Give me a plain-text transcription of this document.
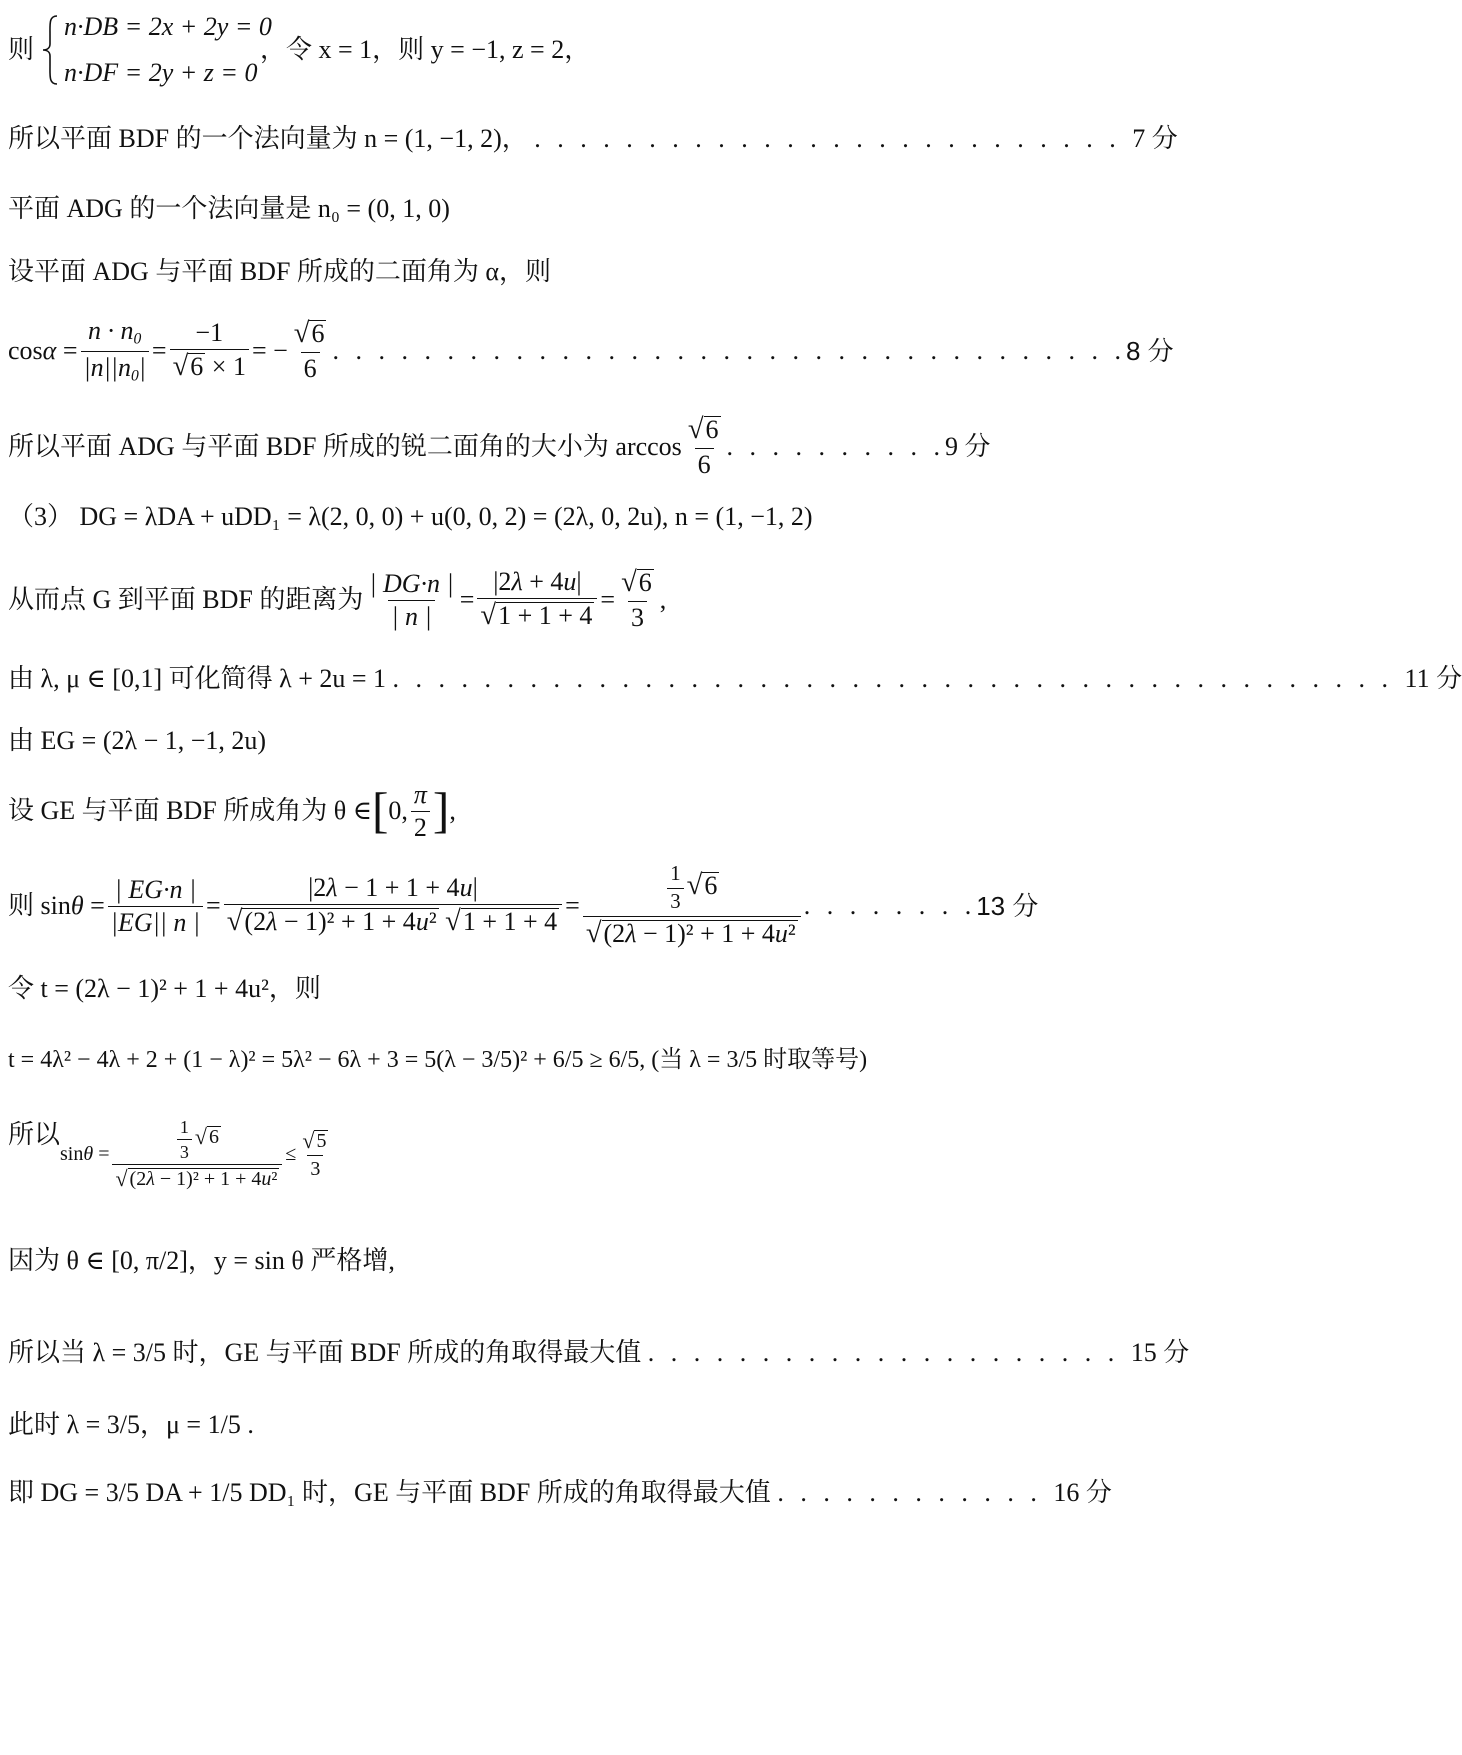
则
n·DB = 2x + 2y = 0
n·DF = 2y + z = 0
，令 x = 1，则 y = −1, z = 2，
所以平面 BDF 的一个法向量为 n = (1, −1, 2)， . . . . . . . . . . . . . . . . . . . . . . . . . . 7 分
平面 ADG 的一个法向量是 n₀ = (0, 1, 0)
设平面 ADG 与平面 BDF 所成的二面角为 α，则
$\cos\alpha = \frac{n \cdot n_0}{|n||n_0|} = \frac{-1}{√ 6 \times 1}$ = − $\frac{√ 6}{6}$ . . . . . . . . . . . . . . . . . . . . . . . . . . . . . . . . . . . 8 分
所以平面 ADG 与平面 BDF 所成的锐二面角的大小为 $\arccos \frac{√ 6}{6}$ . . . . . . . . . . 9 分
（3） DG = λDA + uDD₁ = λ(2, 0, 0) + u(0, 0, 2) = (2λ, 0, 2u), n = (1, −1, 2)
从而点 G 到平面 BDF 的距离为 $\frac{| DG\cdot n |}{| n |} = \frac{|2\lambda + 4u|}{√ 1 + 1 + 4} = \frac{√ 6}{3}$ ,
由 λ, μ ∈ [0,1] 可化简得 λ + 2u = 1 . . . . . . . . . . . . . . . . . . . . . . . . . . . . . . . . . . . . . . . . . . . . 11 分
由 EG = (2λ − 1, −1, 2u)
设 GE 与平面 BDF 所成角为 θ ∈ [ 0, $\frac{\pi}{2}$ ] ,
则 $\sin\theta = \frac{| EG\cdot n |}{|EG|| n |} = |2\lambda - 1 + 1 + 4u|$
√ (2λ − 1)² + 1 + 4u²
√ $1 + 1 + 4 = \frac{\frac{1}{3} √ 6}{\text{√ (2λ − 1)² + 1 + 4u²}}$ . . . . . . . . 13 分
令 t = (2λ − 1)² + 1 + 4u²，则
t = 4λ² − 4λ + 2 + (1 − λ)² = 5λ² − 6λ + 3 = 5(λ − 3/5)² + 6/5 ≥ 6/5, (当 λ = 3/5 时取等号)
所以
$\sin\theta = \frac{\frac{1}{3} √ 6}{\text{√ (2λ − 1)² + 1 + 4u²}} \le \frac{√ 5}{3}$
因为 θ ∈ [0, π/2]，y = sin θ 严格增,
所以当 λ = 3/5 时，GE 与平面 BDF 所成的角取得最大值 . . . . . . . . . . . . . . . . . . . . . 15 分
此时 λ = 3/5，μ = 1/5 .
即 DG = 3/5 DA + 1/5 DD₁ 时，GE 与平面 BDF 所成的角取得最大值 . . . . . . . . . . . . 16 分
